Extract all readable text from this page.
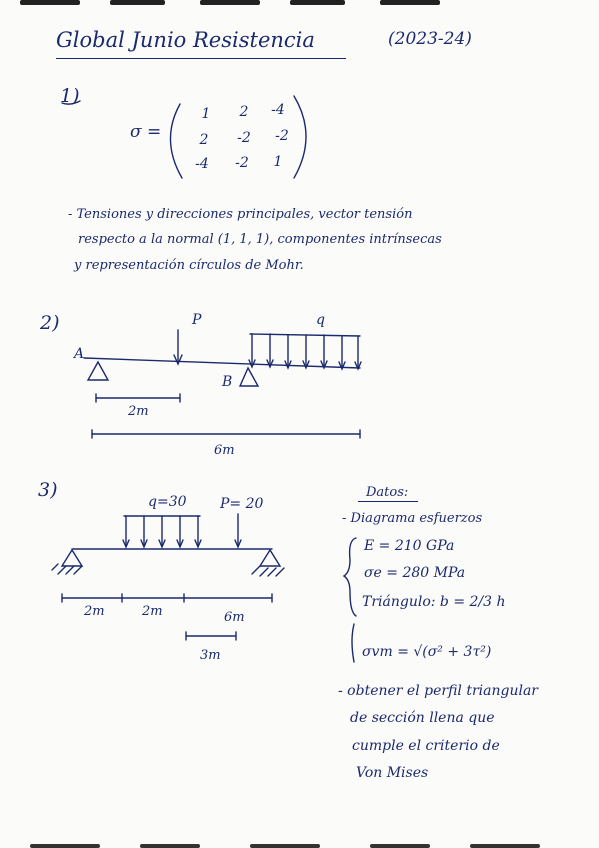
Global Junio Resistencia	(2023-24)
1)
σ =
1	2	-4
2	-2	-2
-4	-2	1
- Tensiones y direcciones principales, vector tensión
respecto a la normal (1, 1, 1), componentes intrínsecas
y representación círculos de Mohr.
2)
A
B
P	q
2m
6m
3)
q=30 P= 20
2m	2m	6m
3m
Datos:
- Diagrama esfuerzos
E = 210 GPa
σe = 280 MPa
Triángulo: b = 2/3 h
σvm = √(σ² + 3τ²)
- obtener el perfil triangular
de sección llena que
cumple el criterio de
Von Mises
